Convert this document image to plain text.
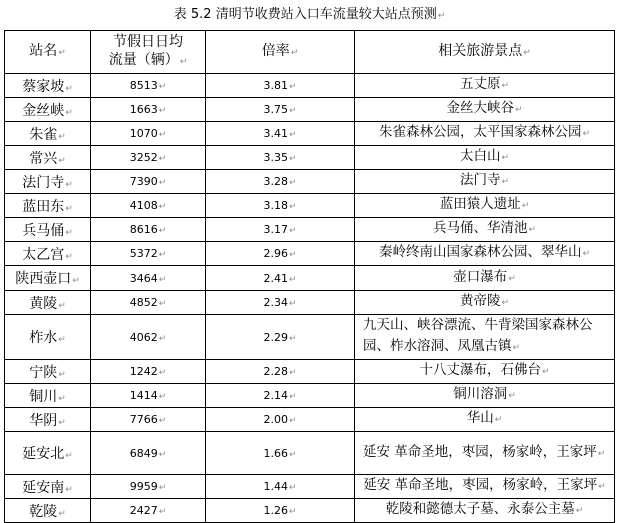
表 5.2 清明节收费站入口车流量较大站点预测↵
站名↵	节假日日均
流量（辆）↵	倍率↵	相关旅游景点↵
蔡家坡↵	8513↵	3.81↵	五丈原↵
金丝峡↵	1663↵	3.75↵	金丝大峡谷↵
朱雀↵	1070↵	3.41↵	朱雀森林公园，太平国家森林公园↵
常兴↵	3252↵	3.35↵	太白山↵
法门寺↵	7390↵	3.28↵	法门寺↵
蓝田东↵	4108↵	3.18↵	蓝田猿人遗址↵
兵马俑↵	8616↵	3.17↵	兵马俑、华清池↵
太乙宫↵	5372↵	2.96↵	秦岭终南山国家森林公园、翠华山↵
陕西壶口↵	3464↵	2.41↵	壶口瀑布↵
黄陵↵	4852↵	2.34↵	黄帝陵↵
柞水↵	4062↵	2.29↵	九天山、峡谷漂流、牛背梁国家森林公园、柞水溶洞、凤凰古镇↵
宁陕↵	1242↵	2.28↵	十八丈瀑布，石佛台↵
铜川↵	1414↵	2.14↵	铜川溶洞↵
华阴↵	7766↵	2.00↵	华山↵
延安北↵	6849↵	1.66↵	延安 革命圣地，枣园，杨家岭，王家坪↵
延安南↵	9959↵	1.44↵	延安 革命圣地，枣园，杨家岭，王家坪↵
乾陵↵	2427↵	1.26↵	乾陵和懿德太子墓、永泰公主墓↵
